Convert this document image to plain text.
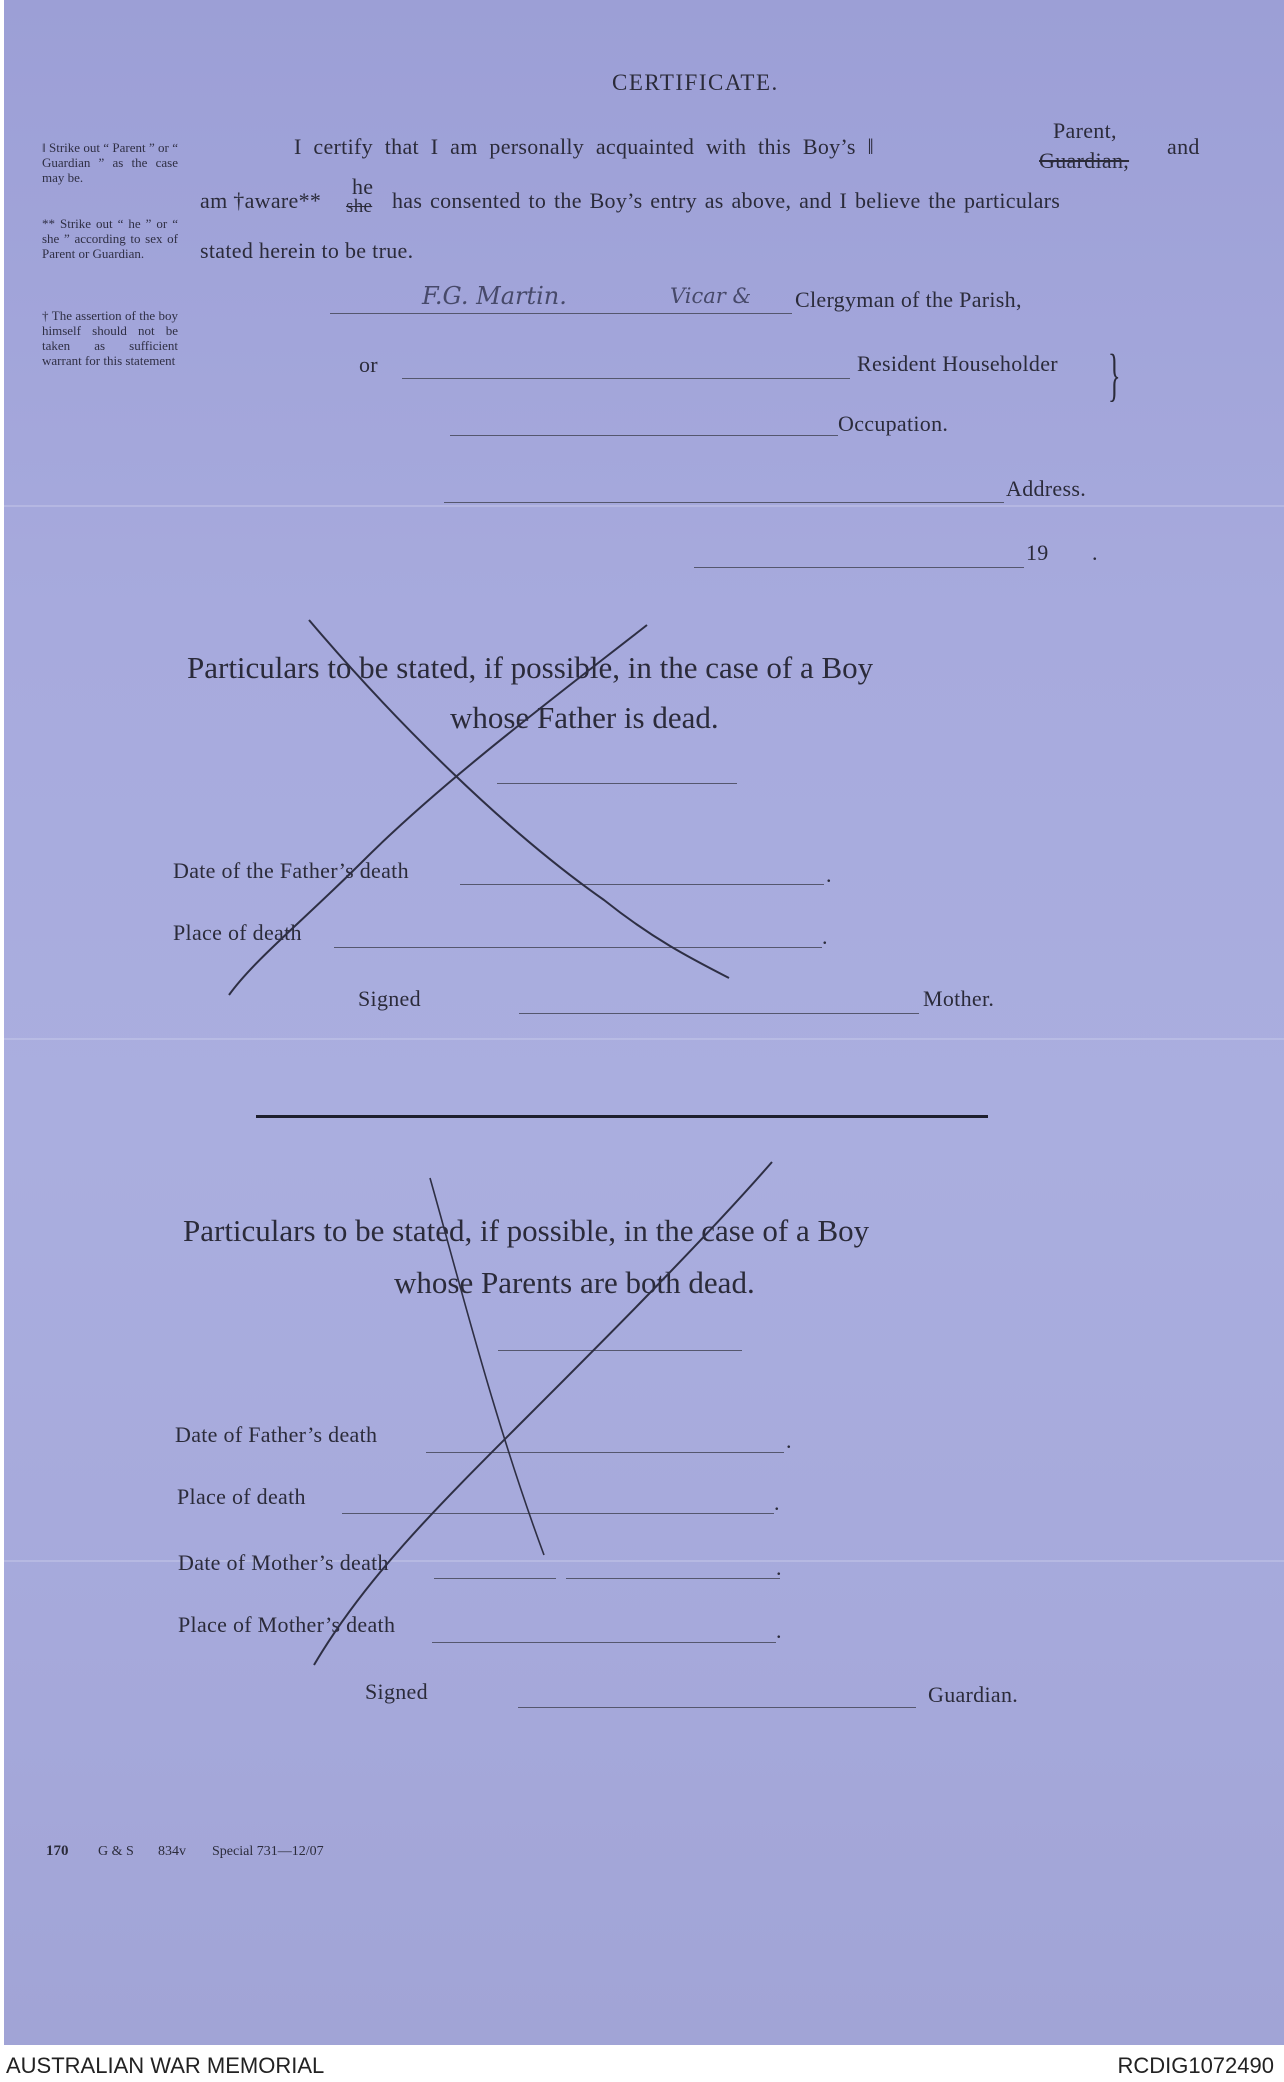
CERTIFICATE.
‖ Strike out “ Parent ” or “ Guardian ” as the case may be.
** Strike out “ he ” or “ she ” according to sex of Parent or Guardian.
† The assertion of the boy himself should not be taken as sufficient warrant for this statement
I certify that I am personally acquainted with this Boy’s ‖
Parent,
Guardian,
and
am †aware**
he
she has consented to the Boy’s entry as above, and I believe the particulars
stated herein to be true.
F.G. Martin.	Vicar & Clergyman of the Parish,
or	Resident Householder
Occupation.
}
Address.
19 .
Particulars to be stated, if possible, in the case of a Boy
whose Father is dead.
Date of the Father’s death	.
Place of death	.
Signed	Mother.
Particulars to be stated, if possible, in the case of a Boy
whose Parents are both dead.
Date of Father’s death	.
Place of death	.
Date of Mother’s death	.
Place of Mother’s death	.
Signed	Guardian.
170 G & S 834v Special 731—12/07
AUSTRALIAN WAR MEMORIAL	RCDIG1072490
